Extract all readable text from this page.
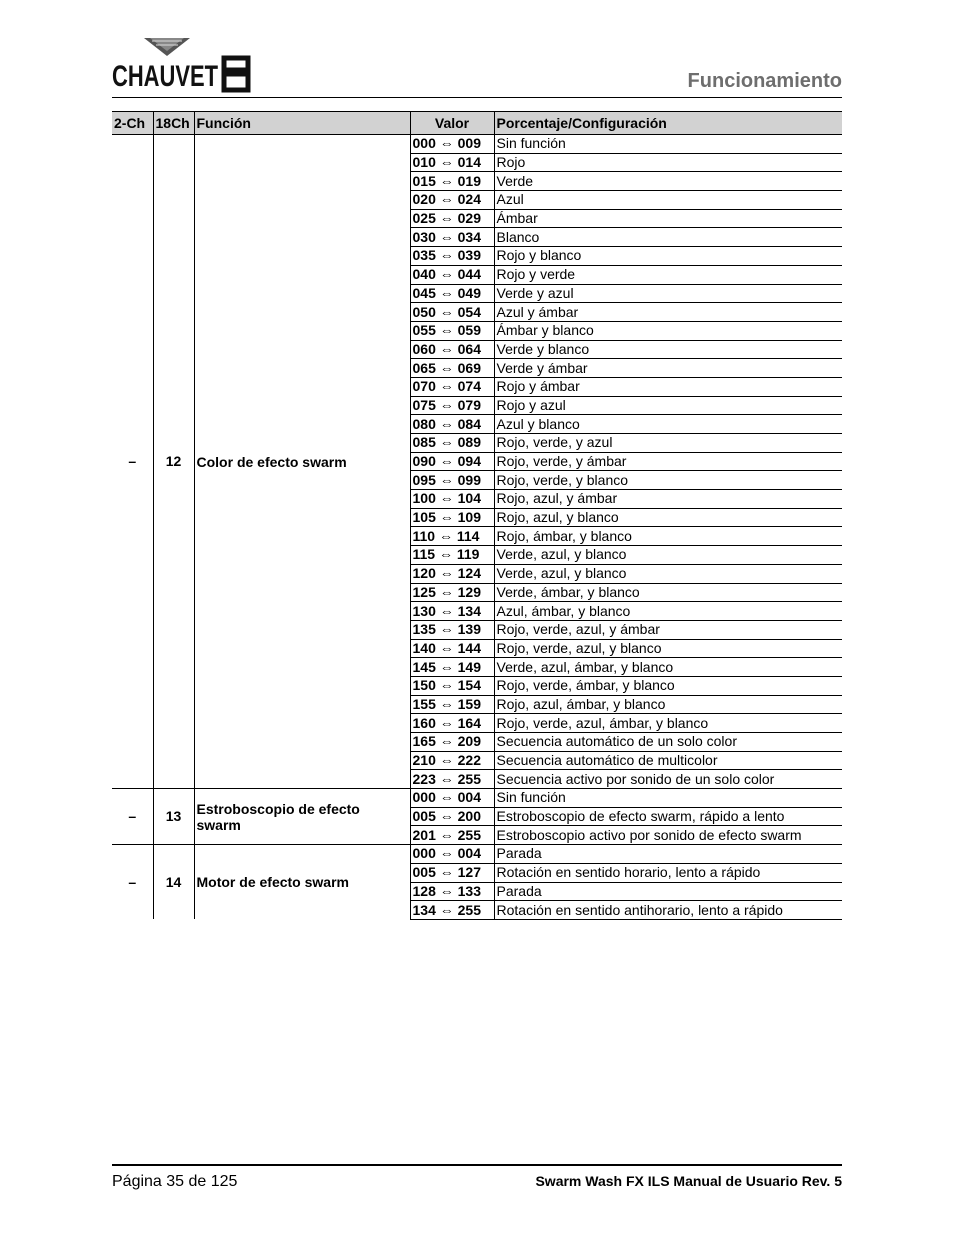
CHAUVET	Funcionamiento
2-Ch	18Ch	Función	Valor	Porcentaje/Configuración
–	12	Color de efecto swarm	000 ⇔ 009	Sin función
			010 ⇔ 014	Rojo
			015 ⇔ 019	Verde
			020 ⇔ 024	Azul
			025 ⇔ 029	Ámbar
			030 ⇔ 034	Blanco
			035 ⇔ 039	Rojo y blanco
			040 ⇔ 044	Rojo y verde
			045 ⇔ 049	Verde y azul
			050 ⇔ 054	Azul y ámbar
			055 ⇔ 059	Ámbar y blanco
			060 ⇔ 064	Verde y blanco
			065 ⇔ 069	Verde y ámbar
			070 ⇔ 074	Rojo y ámbar
			075 ⇔ 079	Rojo y azul
			080 ⇔ 084	Azul y blanco
			085 ⇔ 089	Rojo, verde, y azul
			090 ⇔ 094	Rojo, verde, y ámbar
			095 ⇔ 099	Rojo, verde, y blanco
			100 ⇔ 104	Rojo, azul, y ámbar
			105 ⇔ 109	Rojo, azul, y blanco
			110 ⇔ 114	Rojo, ámbar, y blanco
			115 ⇔ 119	Verde, azul, y blanco
			120 ⇔ 124	Verde, azul, y blanco
			125 ⇔ 129	Verde, ámbar, y blanco
			130 ⇔ 134	Azul, ámbar, y blanco
			135 ⇔ 139	Rojo, verde, azul, y ámbar
			140 ⇔ 144	Rojo, verde, azul, y blanco
			145 ⇔ 149	Verde, azul, ámbar, y blanco
			150 ⇔ 154	Rojo, verde, ámbar, y blanco
			155 ⇔ 159	Rojo, azul, ámbar, y blanco
			160 ⇔ 164	Rojo, verde, azul, ámbar, y blanco
			165 ⇔ 209	Secuencia automático de un solo color
			210 ⇔ 222	Secuencia automático de multicolor
			223 ⇔ 255	Secuencia activo por sonido de un solo color
–	13	Estroboscopio de efecto swarm	000 ⇔ 004	Sin función
			005 ⇔ 200	Estroboscopio de efecto swarm, rápido a lento
			201 ⇔ 255	Estroboscopio activo por sonido de efecto swarm
–	14	Motor de efecto swarm	000 ⇔ 004	Parada
			005 ⇔ 127	Rotación en sentido horario, lento a rápido
			128 ⇔ 133	Parada
			134 ⇔ 255	Rotación en sentido antihorario, lento a rápido
Página 35 de 125	Swarm Wash FX ILS Manual de Usuario Rev. 5
